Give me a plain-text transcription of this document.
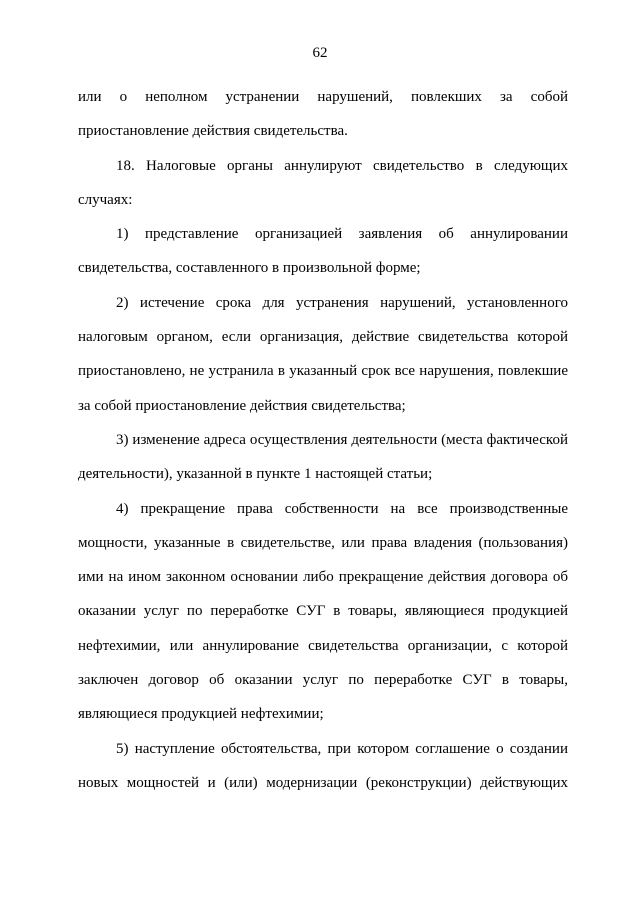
62

или о неполном устранении нарушений, повлекших за собой приостановление действия свидетельства.

18. Налоговые органы аннулируют свидетельство в следующих случаях:

1) представление организацией заявления об аннулировании свидетельства, составленного в произвольной форме;

2) истечение срока для устранения нарушений, установленного налоговым органом, если организация, действие свидетельства которой приостановлено, не устранила в указанный срок все нарушения, повлекшие за собой приостановление действия свидетельства;

3) изменение адреса осуществления деятельности (места фактической деятельности), указанной в пункте 1 настоящей статьи;

4) прекращение права собственности на все производственные мощности, указанные в свидетельстве, или права владения (пользования) ими на ином законном основании либо прекращение действия договора об оказании услуг по переработке СУГ в товары, являющиеся продукцией нефтехимии, или аннулирование свидетельства организации, с которой заключен договор об оказании услуг по переработке СУГ в товары, являющиеся продукцией нефтехимии;

5) наступление обстоятельства, при котором соглашение о создании новых мощностей и (или) модернизации (реконструкции) действующих
